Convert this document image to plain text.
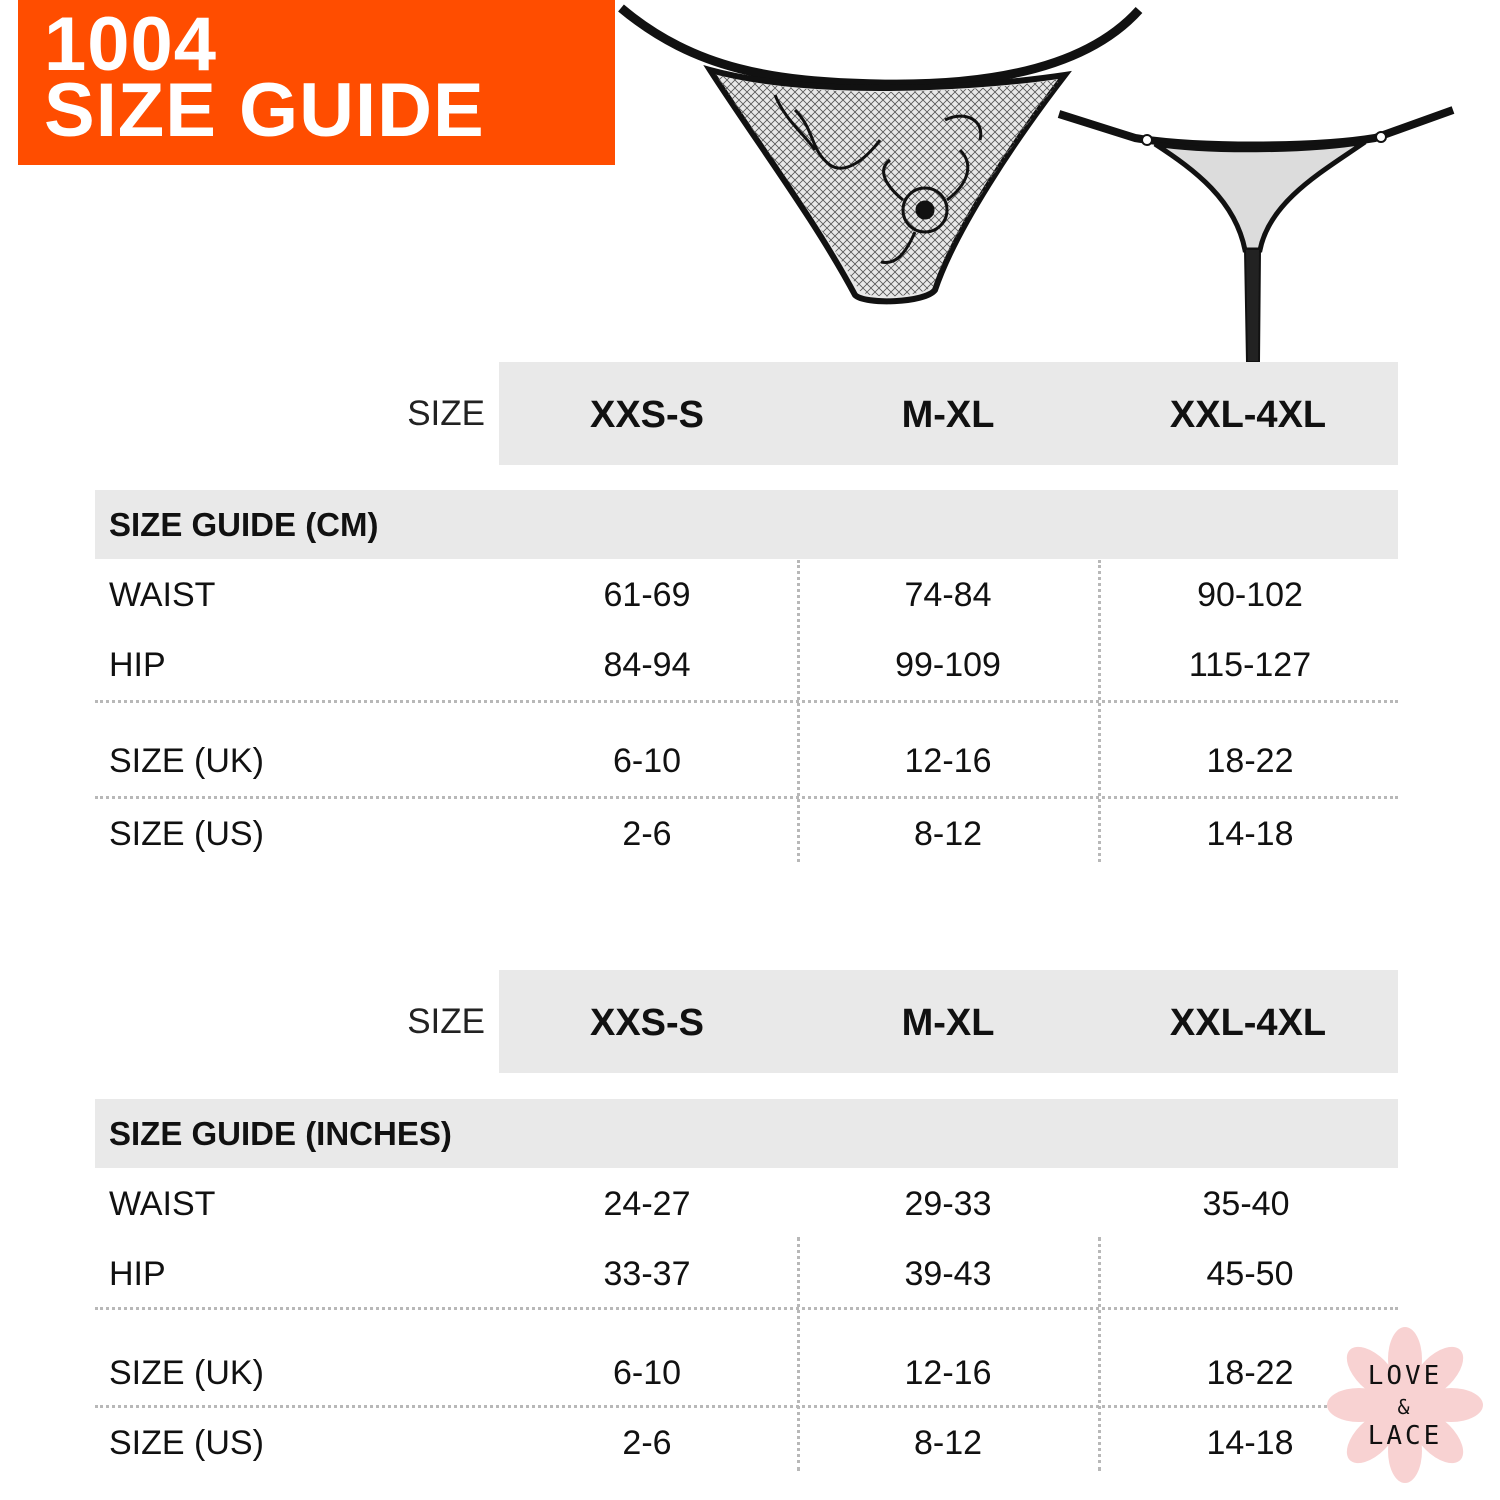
1004
SIZE GUIDE
SIZE	XXS-S	M-XL	XXL-4XL
SIZE GUIDE (CM)
WAIST	61-69	74-84	90-102
HIP	84-94	99-109	115-127
SIZE (UK)	6-10	12-16	18-22
SIZE (US)	2-6	8-12	14-18
SIZE	XXS-S	M-XL	XXL-4XL
SIZE GUIDE (INCHES)
WAIST	24-27	29-33	35-40
HIP	33-37	39-43	45-50
SIZE (UK)	6-10	12-16	18-22
SIZE (US)	2-6	8-12	14-18
LOVE
&
LACE
